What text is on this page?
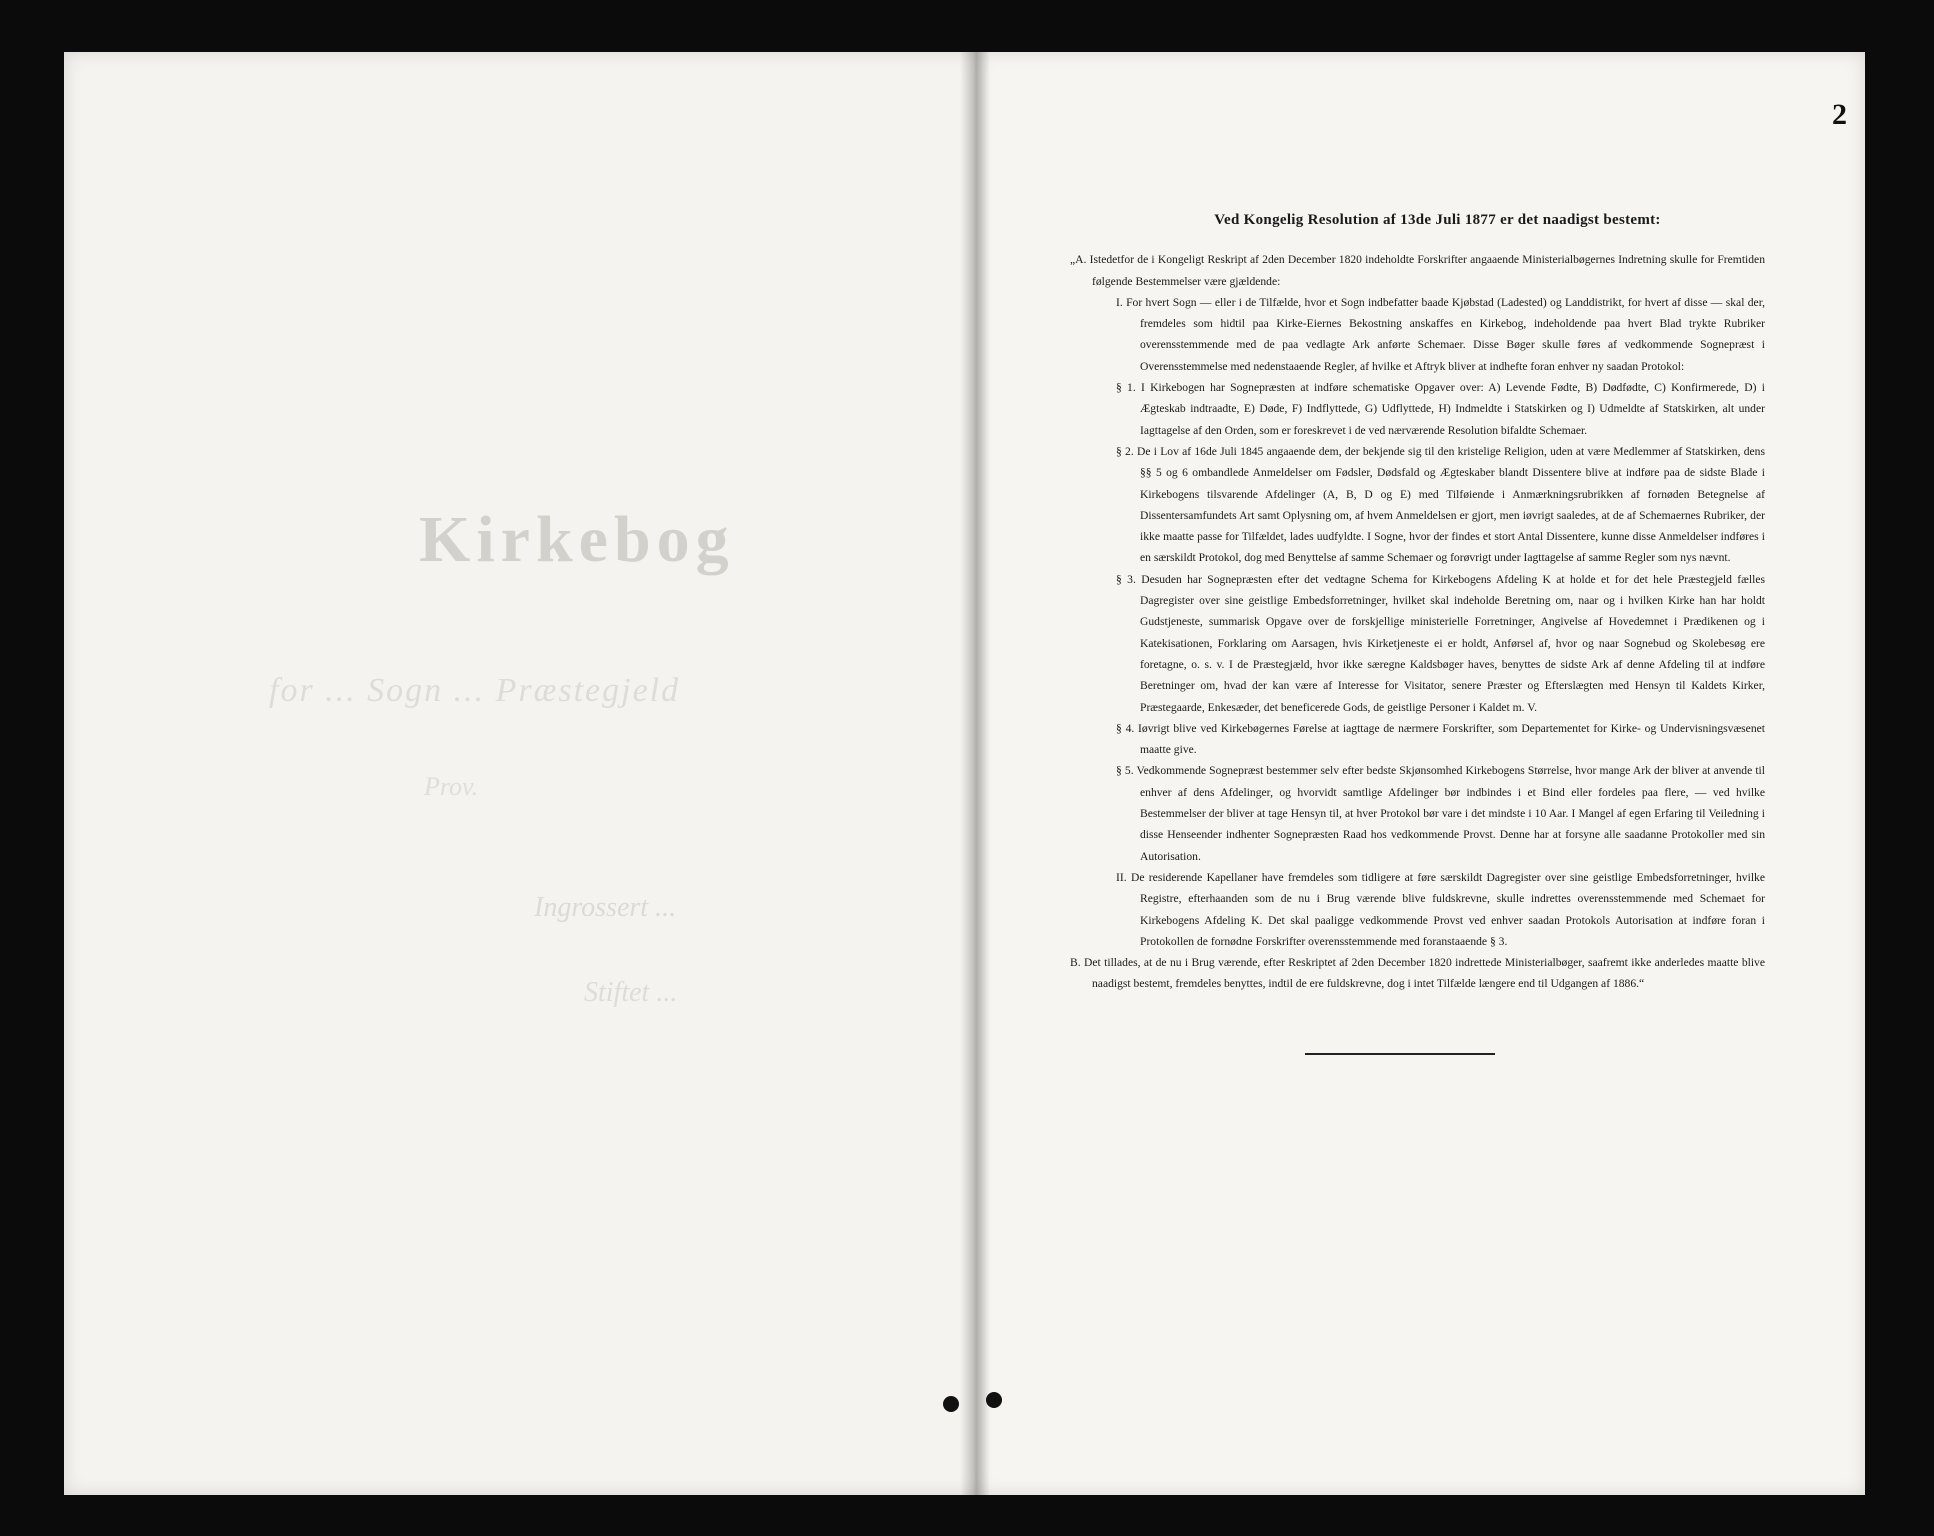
Kirkebog
for ... Sogn ... Præstegjeld
Prov.
Ingrossert ...
Stiftet ...
2
Ved Kongelig Resolution af 13de Juli 1877 er det naadigst bestemt:

„A. Istedetfor de i Kongeligt Reskript af 2den December 1820 indeholdte Forskrifter angaaende Ministerialbøgernes Indretning skulle for Fremtiden følgende Bestemmelser være gjældende:

I. For hvert Sogn — eller i de Tilfælde, hvor et Sogn indbefatter baade Kjøbstad (Ladested) og Landdistrikt, for hvert af disse — skal der, fremdeles som hidtil paa Kirke-Eiernes Bekostning anskaffes en Kirkebog, indeholdende paa hvert Blad trykte Rubriker overensstemmende med de paa vedlagte Ark anførte Schemaer. Disse Bøger skulle føres af vedkommende Sognepræst i Overensstemmelse med nedenstaaende Regler, af hvilke et Aftryk bliver at indhefte foran enhver ny saadan Protokol:

§ 1. I Kirkebogen har Sognepræsten at indføre schematiske Opgaver over: A) Levende Fødte, B) Dødfødte, C) Konfirmerede, D) i Ægteskab indtraadte, E) Døde, F) Indflyttede, G) Udflyttede, H) Indmeldte i Statskirken og I) Udmeldte af Statskirken, alt under Iagttagelse af den Orden, som er foreskrevet i de ved nærværende Resolution bifaldte Schemaer.

§ 2. De i Lov af 16de Juli 1845 angaaende dem, der bekjende sig til den kristelige Religion, uden at være Medlemmer af Statskirken, dens §§ 5 og 6 ombandlede Anmeldelser om Fødsler, Dødsfald og Ægteskaber blandt Dissentere blive at indføre paa de sidste Blade i Kirkebogens tilsvarende Afdelinger (A, B, D og E) med Tilføiende i Anmærkningsrubrikken af fornøden Betegnelse af Dissentersamfundets Art samt Oplysning om, af hvem Anmeldelsen er gjort, men iøvrigt saaledes, at de af Schemaernes Rubriker, der ikke maatte passe for Tilfældet, lades uudfyldte. I Sogne, hvor der findes et stort Antal Dissentere, kunne disse Anmeldelser indføres i en særskildt Protokol, dog med Benyttelse af samme Schemaer og forøvrigt under Iagttagelse af samme Regler som nys nævnt.

§ 3. Desuden har Sognepræsten efter det vedtagne Schema for Kirkebogens Afdeling K at holde et for det hele Præstegjeld fælles Dagregister over sine geistlige Embedsforretninger, hvilket skal indeholde Beretning om, naar og i hvilken Kirke han har holdt Gudstjeneste, summarisk Opgave over de forskjellige ministerielle Forretninger, Angivelse af Hovedemnet i Prædikenen og i Katekisationen, Forklaring om Aarsagen, hvis Kirketjeneste ei er holdt, Anførsel af, hvor og naar Sognebud og Skolebesøg ere foretagne, o. s. v. I de Præstegjæld, hvor ikke særegne Kaldsbøger haves, benyttes de sidste Ark af denne Afdeling til at indføre Beretninger om, hvad der kan være af Interesse for Visitator, senere Præster og Efterslægten med Hensyn til Kaldets Kirker, Præstegaarde, Enkesæder, det beneficerede Gods, de geistlige Personer i Kaldet m. V.

§ 4. Iøvrigt blive ved Kirkebøgernes Førelse at iagttage de nærmere Forskrifter, som Departementet for Kirke- og Undervisningsvæsenet maatte give.

§ 5. Vedkommende Sognepræst bestemmer selv efter bedste Skjønsomhed Kirkebogens Størrelse, hvor mange Ark der bliver at anvende til enhver af dens Afdelinger, og hvorvidt samtlige Afdelinger bør indbindes i et Bind eller fordeles paa flere, — ved hvilke Bestemmelser der bliver at tage Hensyn til, at hver Protokol bør vare i det mindste i 10 Aar. I Mangel af egen Erfaring til Veiledning i disse Henseender indhenter Sognepræsten Raad hos vedkommende Provst. Denne har at forsyne alle saadanne Protokoller med sin Autorisation.

II. De residerende Kapellaner have fremdeles som tidligere at føre særskildt Dagregister over sine geistlige Embedsforretninger, hvilke Registre, efterhaanden som de nu i Brug værende blive fuldskrevne, skulle indrettes overensstemmende med Schemaet for Kirkebogens Afdeling K. Det skal paaligge vedkommende Provst ved enhver saadan Protokols Autorisation at indføre foran i Protokollen de fornødne Forskrifter overensstemmende med foranstaaende § 3.

B. Det tillades, at de nu i Brug værende, efter Reskriptet af 2den December 1820 indrettede Ministerialbøger, saafremt ikke anderledes maatte blive naadigst bestemt, fremdeles benyttes, indtil de ere fuldskrevne, dog i intet Tilfælde længere end til Udgangen af 1886.“
